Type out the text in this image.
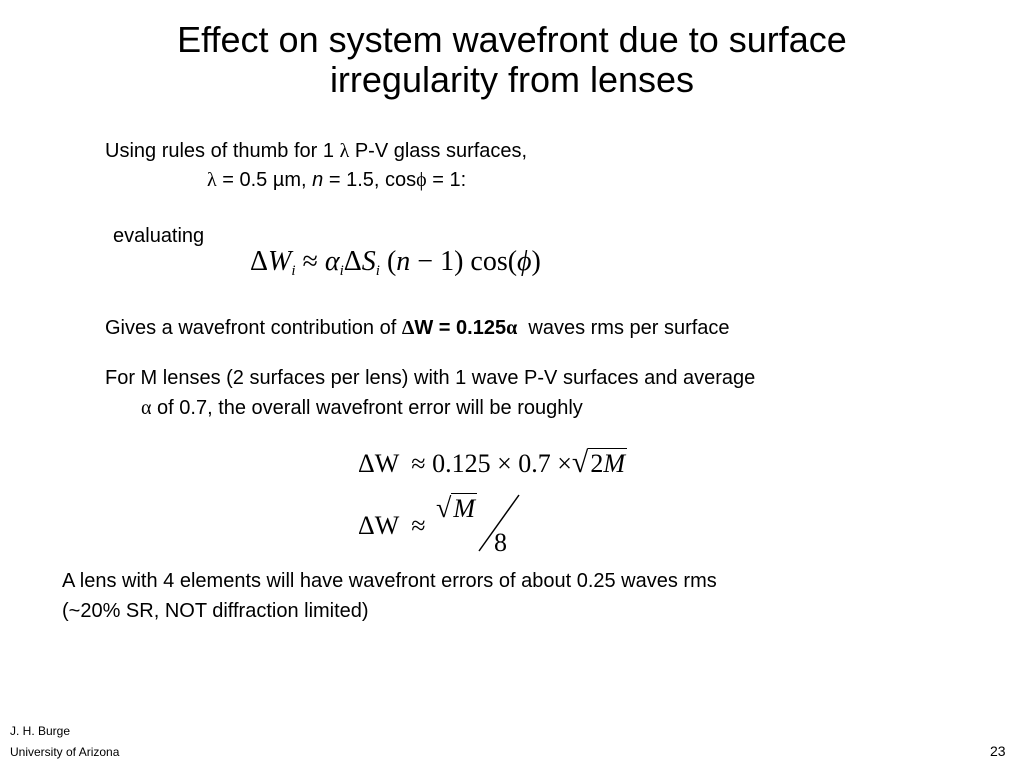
Effect on system wavefront due to surface
irregularity from lenses
Using rules of thumb for 1 λ P-V glass surfaces,
λ = 0.5 µm, n = 1.5, cosϕ = 1:
evaluating
$\Delta W_i \approx \alpha_i\Delta S_i$ (n − 1) cos(ϕ)
Gives a wavefront contribution of ΔW = 0.125α  waves rms per surface
For M lenses (2 surfaces per lens) with 1 wave P-V surfaces and average
α of 0.7, the overall wavefront error will be roughly
ΔW ≈ 0.125 × 0.7 ×√2M
ΔW ≈
√M
8
A lens with 4 elements will have wavefront errors of about 0.25 waves rms
(~20% SR, NOT diffraction limited)
J. H. Burge
University of Arizona	23
